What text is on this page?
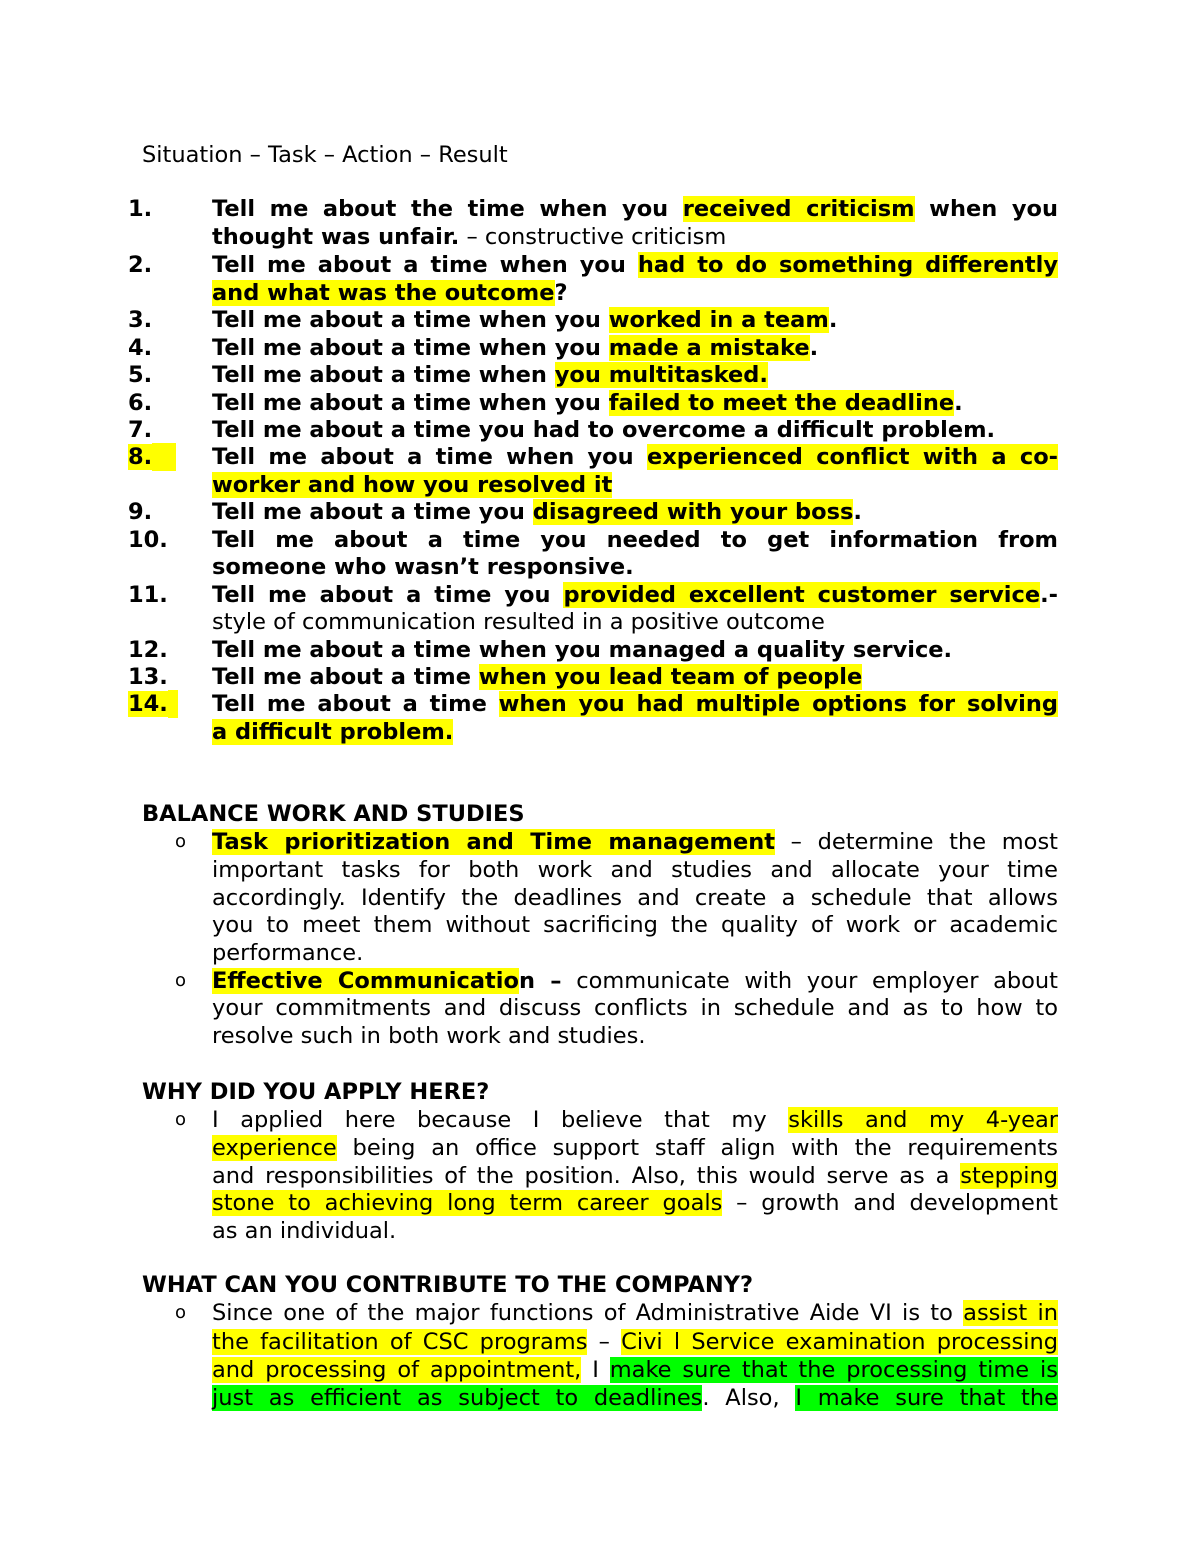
Situation – Task – Action – Result
1.	Tell me about the time when you received criticism when you
thought was unfair. – constructive criticism
2.	Tell me about a time when you had to do something differently
and what was the outcome?
3.	Tell me about a time when you worked in a team.
4.	Tell me about a time when you made a mistake.
5.	Tell me about a time when you multitasked.
6.	Tell me about a time when you failed to meet the deadline.
7.	Tell me about a time you had to overcome a difficult problem.
8.	Tell me about a time when you experienced conflict with a co-
worker and how you resolved it
9.	Tell me about a time you disagreed with your boss.
10. Tell me about a time you needed to get information from
someone who wasn’t responsive.
11. Tell me about a time you provided excellent customer service.-
style of communication resulted in a positive outcome
12. Tell me about a time when you managed a quality service.
13. Tell me about a time when you lead team of people
14.	Tell me about a time when you had multiple options for solving
a difficult problem.
BALANCE WORK AND STUDIES
o Task prioritization and Time management – determine the most
important tasks for both work and studies and allocate your time
accordingly. Identify the deadlines and create a schedule that allows
you to meet them without sacrificing the quality of work or academic
performance.
o Effective Communication – communicate with your employer about
your commitments and discuss conflicts in schedule and as to how to
resolve such in both work and studies.
WHY DID YOU APPLY HERE?
o I applied here because I believe that my skills and my 4-year
experience being an office support staff align with the requirements
and responsibilities of the position. Also, this would serve as a stepping
stone to achieving long term career goals – growth and development
as an individual.
WHAT CAN YOU CONTRIBUTE TO THE COMPANY?
o Since one of the major functions of Administrative Aide VI is to assist in
the facilitation of CSC programs – Civi l Service examination processing
and processing of appointment, I make sure that the processing time is
just as efficient as subject to deadlines. Also, I make sure that the
